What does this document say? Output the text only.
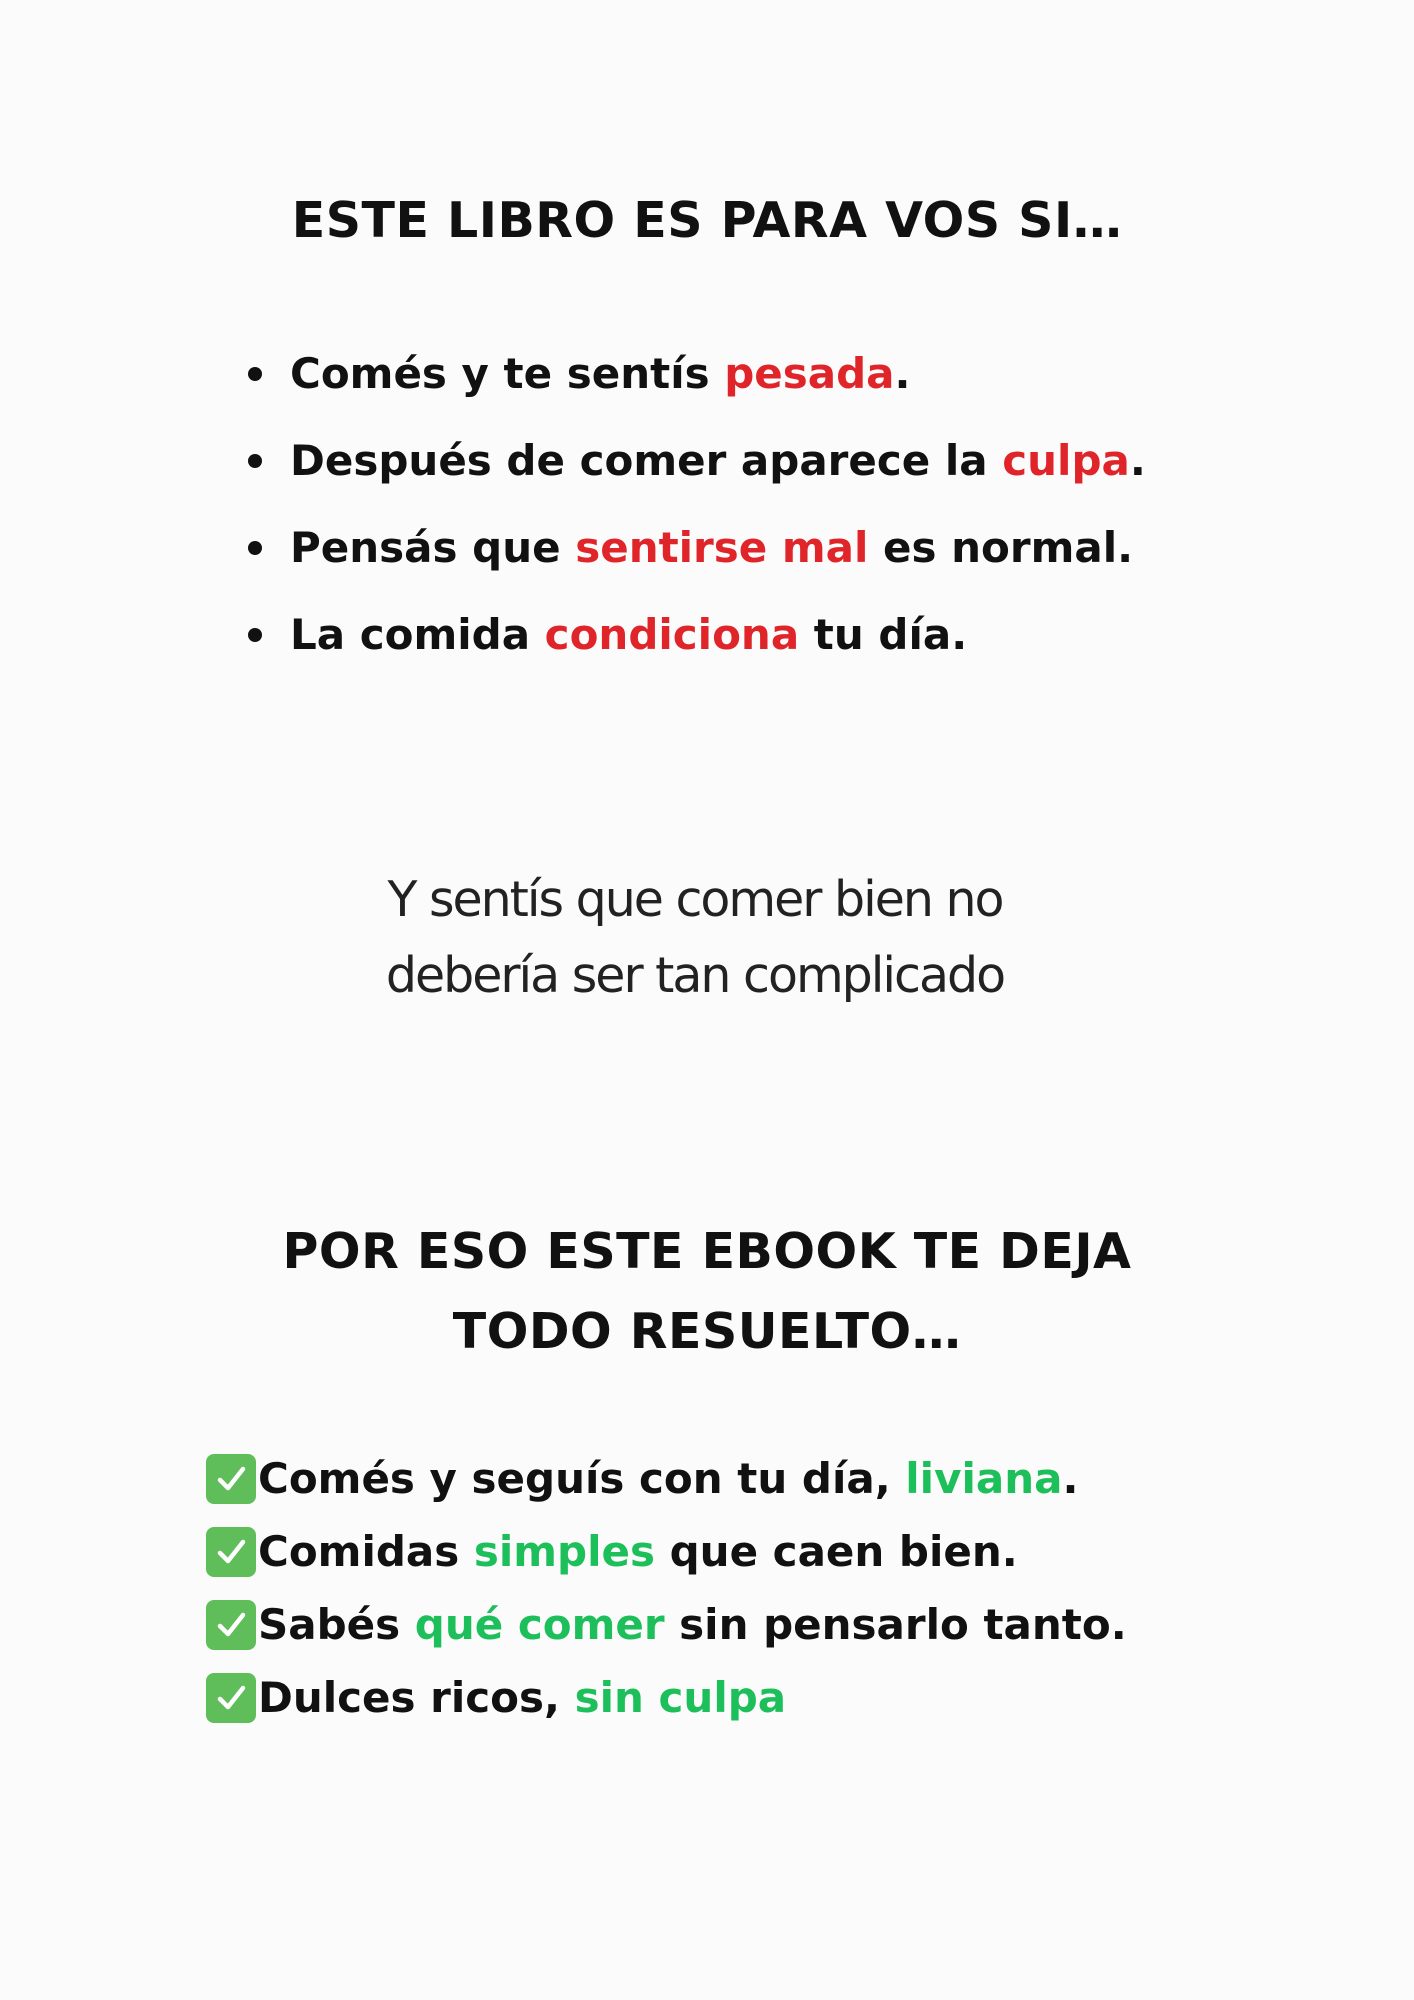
ESTE LIBRO ES PARA VOS SI…
Comés y te sentís pesada.
Después de comer aparece la culpa.
Pensás que sentirse mal es normal.
La comida condiciona tu día.
Y sentís que comer bien no
debería ser tan complicado
POR ESO ESTE EBOOK TE DEJA
TODO RESUELTO…
Comés y seguís con tu día, liviana.
Comidas simples que caen bien.
Sabés qué comer sin pensarlo tanto.
Dulces ricos, sin culpa
